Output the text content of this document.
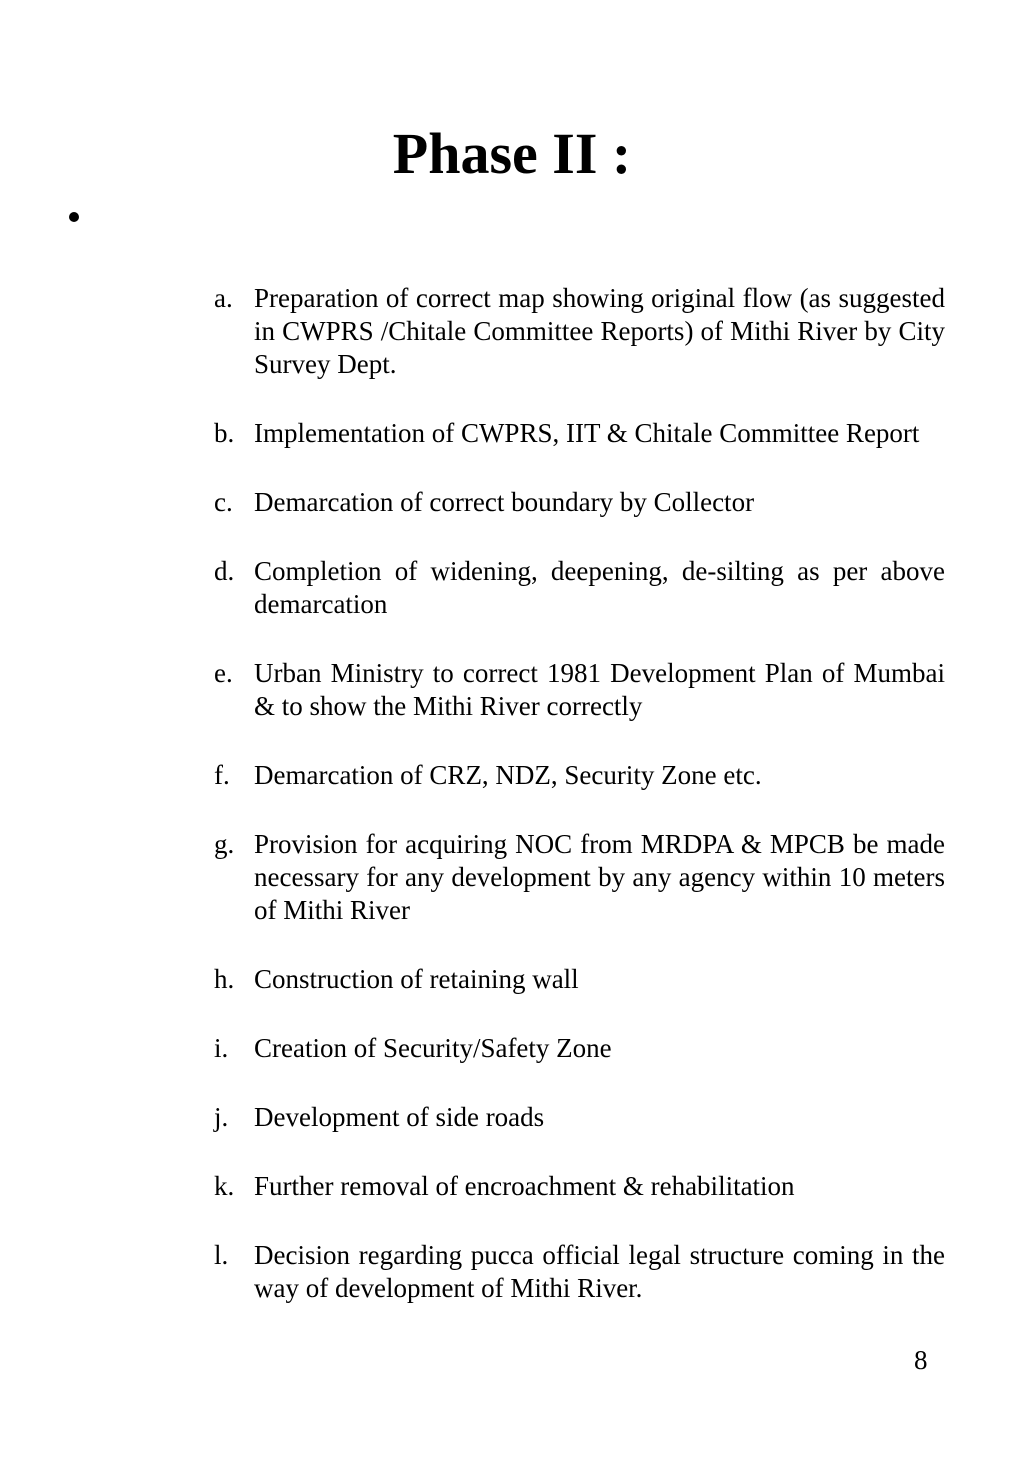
Phase II :
a. Preparation of correct map showing original flow (as suggested in CWPRS /Chitale Committee Reports) of Mithi River by City Survey Dept.
b. Implementation of CWPRS, IIT & Chitale Committee Report
c. Demarcation of correct boundary by Collector
d. Completion of widening, deepening, de-silting as per above demarcation
e. Urban Ministry to correct 1981 Development Plan of Mumbai & to show the Mithi River correctly
f. Demarcation of CRZ, NDZ, Security Zone etc.
g. Provision for acquiring NOC from MRDPA & MPCB be made necessary for any development by any agency within 10 meters of Mithi River
h. Construction of retaining wall
i. Creation of Security/Safety Zone
j. Development of side roads
k. Further removal of encroachment & rehabilitation
l. Decision regarding pucca official legal structure coming in the way of development of Mithi River.
8
